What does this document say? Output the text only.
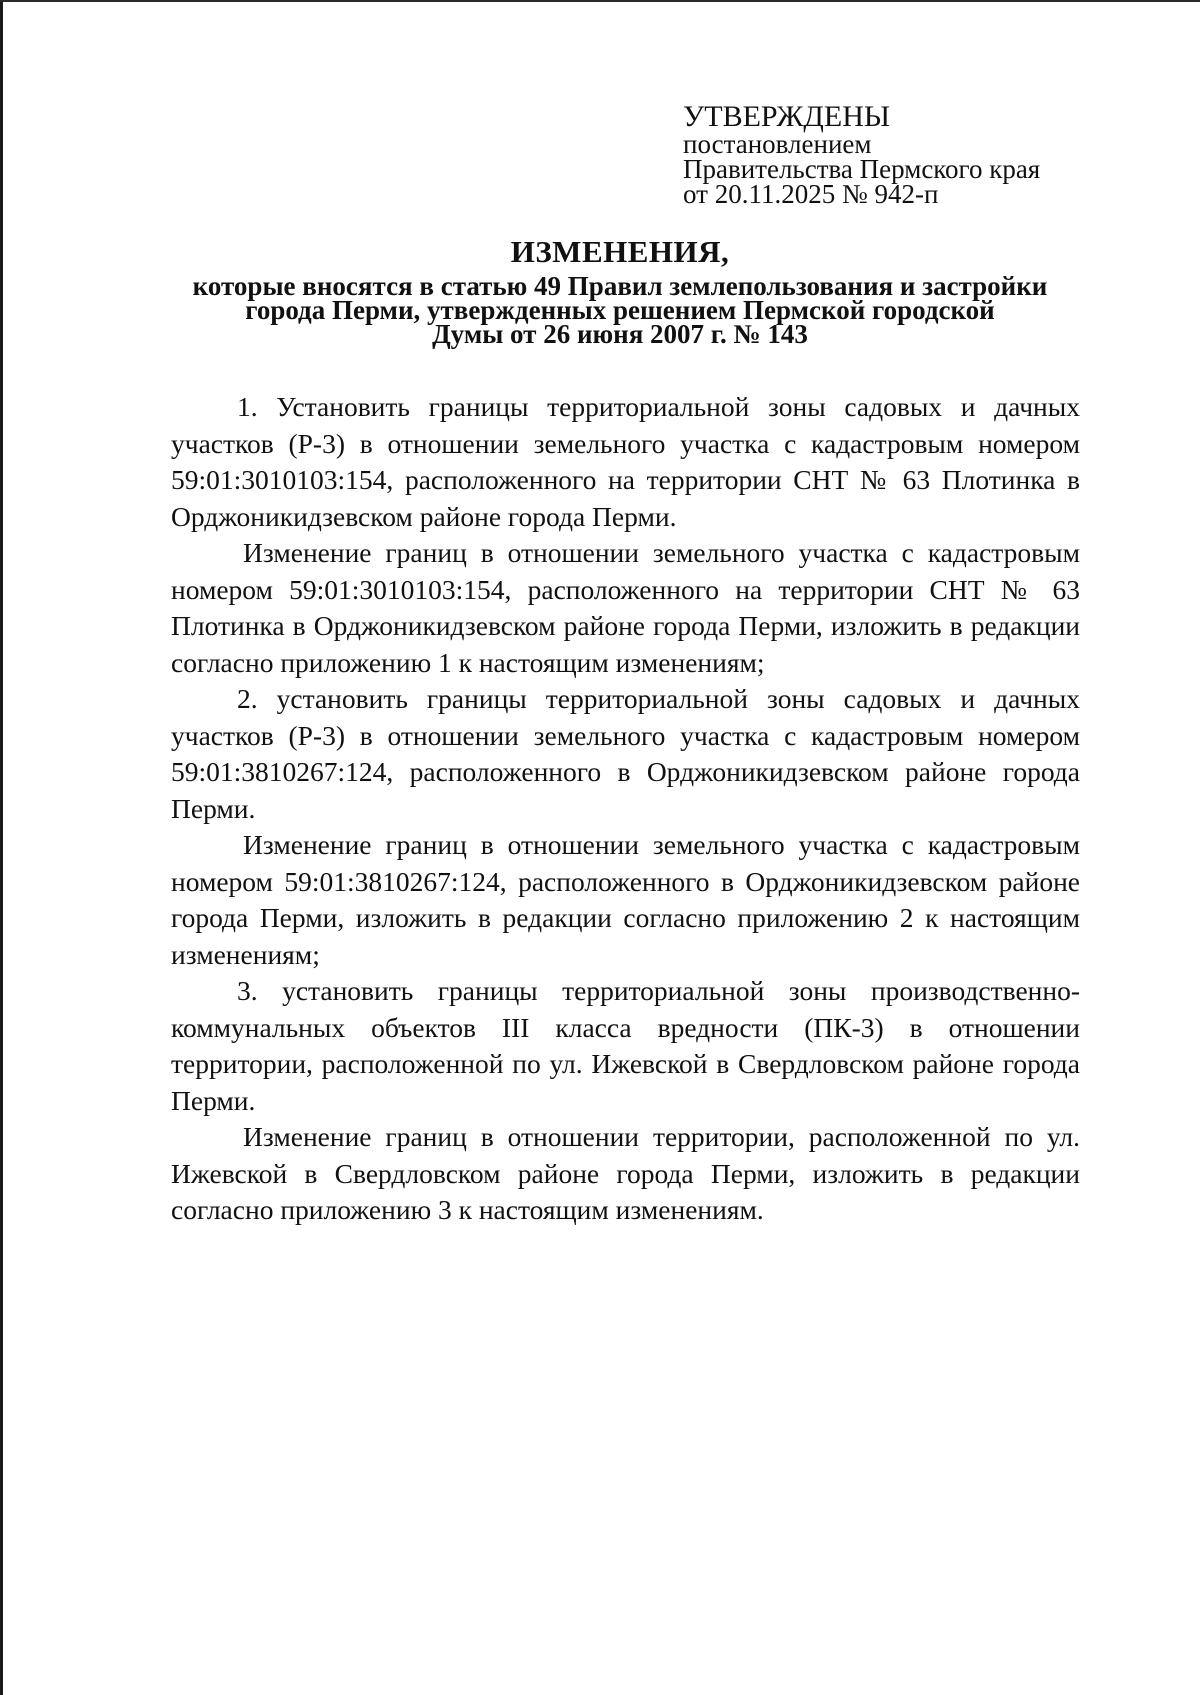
УТВЕРЖДЕНЫ
постановлением
Правительства Пермского края
от 20.11.2025 № 942-п
ИЗМЕНЕНИЯ,
которые вносятся в статью 49 Правил землепользования и застройки
города Перми, утвержденных решением Пермской городской
Думы от 26 июня 2007 г. № 143

1. Установить границы территориальной зоны садовых и дачных участков (Р-3) в отношении земельного участка с кадастровым номером 59:01:3010103:154, расположенного на территории СНТ № 63 Плотинка в Орджоникидзевском районе города Перми.

Изменение границ в отношении земельного участка с кадастровым номером 59:01:3010103:154, расположенного на территории СНТ № 63 Плотинка в Орджоникидзевском районе города Перми, изложить в редакции согласно приложению 1 к настоящим изменениям;

2. установить границы территориальной зоны садовых и дачных участков (Р-3) в отношении земельного участка с кадастровым номером 59:01:3810267:124, расположенного в Орджоникидзевском районе города Перми.

Изменение границ в отношении земельного участка с кадастровым номером 59:01:3810267:124, расположенного в Орджоникидзевском районе города Перми, изложить в редакции согласно приложению 2 к настоящим изменениям;

3. установить границы территориальной зоны производственно-коммунальных объектов III класса вредности (ПК-3) в отношении территории, расположенной по ул. Ижевской в Свердловском районе города Перми.

Изменение границ в отношении территории, расположенной по ул. Ижевской в Свердловском районе города Перми, изложить в редакции согласно приложению 3 к настоящим изменениям.
